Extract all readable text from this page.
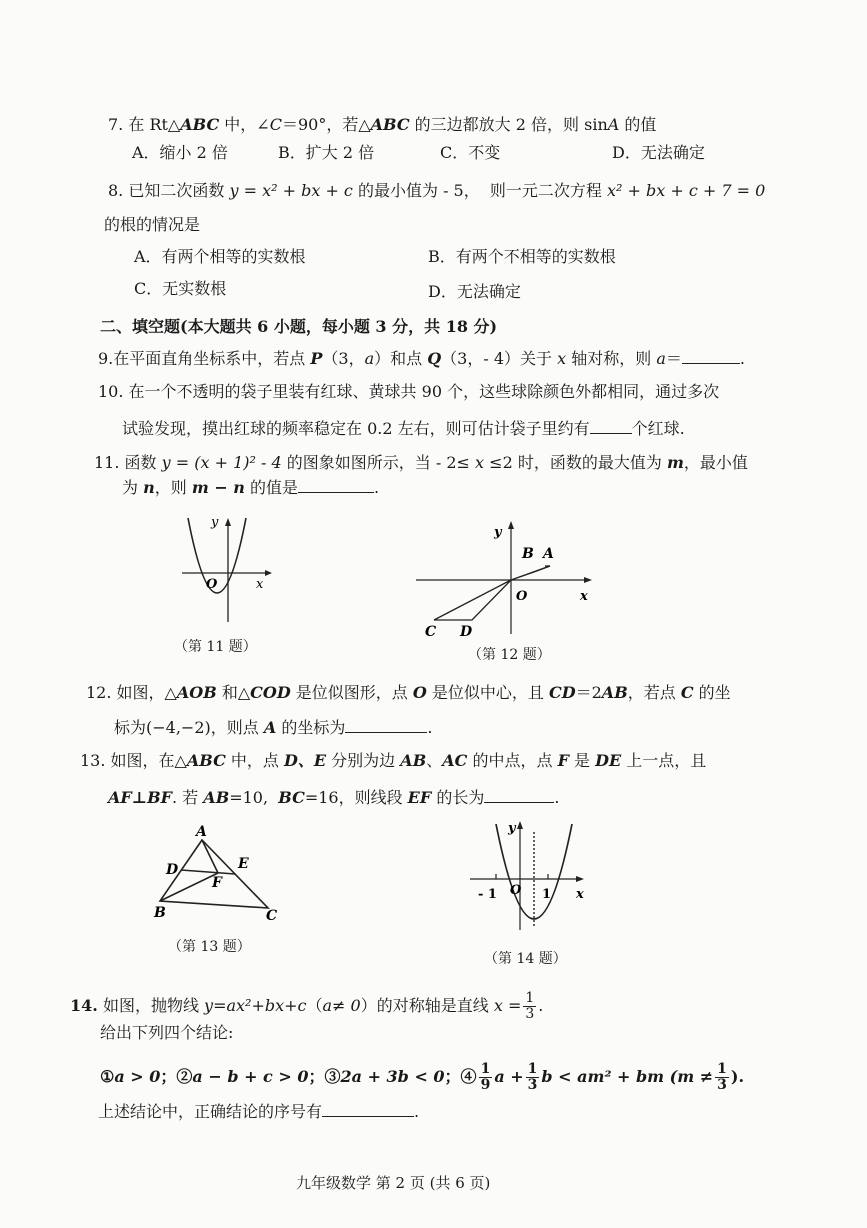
7. 在 Rt△ABC 中，∠C＝90°，若△ABC 的三边都放大 2 倍，则 sinA 的值
A．缩小 2 倍	B．扩大 2 倍	C．不变	D．无法确定
8. 已知二次函数 y = x² + bx + c 的最小值为 - 5，  则一元二次方程 x² + bx + c + 7 = 0
的根的情况是
A．有两个相等的实数根	B．有两个不相等的实数根
C．无实数根	D．无法确定
二、填空题(本大题共 6 小题，每小题 3 分，共 18 分)
9.在平面直角坐标系中，若点 P（3，a）和点 Q（3，- 4）关于 x 轴对称，则 a＝	.
10. 在一个不透明的袋子里装有红球、黄球共 90 个，这些球除颜色外都相同，通过多次
试验发现，摸出红球的频率稳定在 0.2 左右，则可估计袋子里约有	个红球.
11. 函数 y = (x + 1)² - 4 的图象如图所示，当 - 2≤ x ≤2 时，函数的最大值为 m，最小值
为 n，则 m − n 的值是	.
y
x
O
（第 11 题）
y
x
O
B A
C D
（第 12 题）
12. 如图，△AOB 和△COD 是位似图形，点 O 是位似中心，且 CD＝2AB，若点 C 的坐
标为(−4,−2)，则点 A 的坐标为	.
13. 如图，在△ABC 中，点 D、E 分别为边 AB、AC 的中点，点 F 是 DE 上一点，且
AF⊥BF. 若 AB=10,  BC=16，则线段 EF 的长为	.
A
B	C
D	E
F
（第 13 题）
y
x
O
- 1	1
（第 14 题）
14. 如图，抛物线 y=ax²+bx+c（a≠ 0）的对称轴是直线 $x = \frac{1}{3}$ .
给出下列四个结论:
①a > 0；②a − b + c > 0；③2a + 3b < 0；④ $\frac{1}{9}$ $a + \frac{1}{3}$ b < am² + bm ($m \ne \frac{1}{3}$ ).
上述结论中，正确结论的序号有	.
九年级数学 第 2 页 (共 6 页)
